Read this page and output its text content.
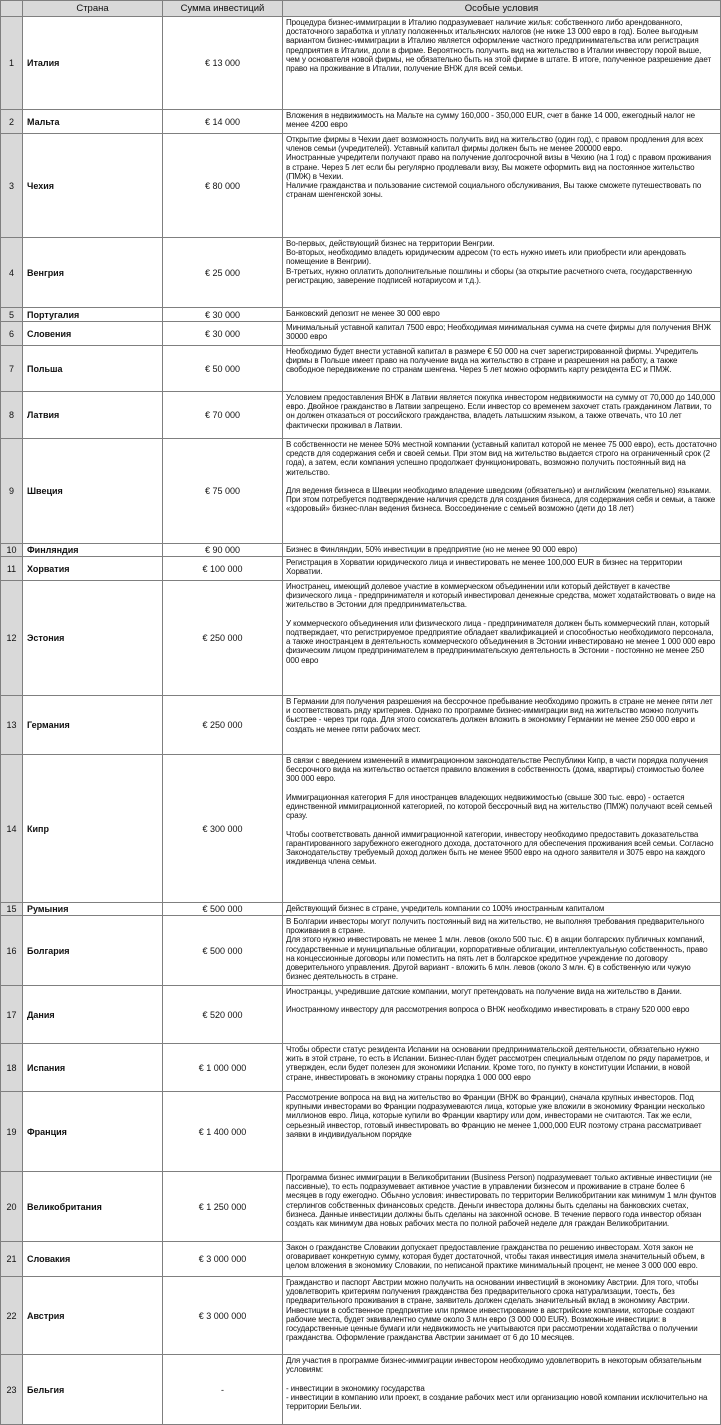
	Страна	Сумма инвестиций	Особые условия
1	Италия	€ 13 000	Процедура бизнес-иммиграции в Италию подразумевает наличие жилья: собственного либо арендованного, достаточного заработка и уплату положенных итальянских налогов (не ниже 13 000 евро в год). Более выгодным вариантом бизнес-иммиграции в Италию является оформление частного предпринимательства или регистрация предприятия в Италии, доли в фирме. Вероятность получить вид на жительство в Италии инвестору порой выше, чем у основателя новой фирмы, не обязательно быть на этой фирме в штате. В итоге, полученное разрешение дает право на проживание в Италии, получение ВНЖ для всей семьи.

2	Мальта	€ 14 000	Вложения в недвижимость на Мальте на сумму 160,000 - 350,000 EUR, счет в банке 14 000, ежегодный налог не менее 4200 евро

3	Чехия	€ 80 000	Открытие фирмы в Чехии дает возможность получить вид на жительство (один год), с правом продления для всех членов семьи (учредителей). Уставный капитал фирмы должен быть не менее 200000 евро.
Иностранные учредители получают право на получение долгосрочной визы в Чехию (на 1 год) с правом проживания в стране. Через 5 лет если бы регулярно продлевали визу, Вы можете оформить вид на постоянное жительство (ПМЖ) в Чехии.
Наличие гражданства и пользование системой социального обслуживания, Вы также сможете путешествовать по странам шенгенской зоны.

4	Венгрия	€ 25 000	Во-первых, действующий бизнес на территории Венгрии.
Во-вторых, необходимо владеть юридическим адресом (то есть нужно иметь или приобрести или арендовать помещение в Венгрии).
В-третьих, нужно оплатить дополнительные пошлины и сборы (за открытие расчетного счета, государственную регистрацию, заверение подписей нотариусом и т.д.).

5	Португалия	€ 30 000	Банковский депозит не менее 30 000 евро

6	Словения	€ 30 000	Минимальный уставной капитал 7500 евро; Необходимая минимальная сумма на счете фирмы для получения ВНЖ 30000 евро

7	Польша	€ 50 000	Необходимо будет внести уставной капитал в размере € 50 000 на счет зарегистрированной фирмы. Учредитель фирмы в Польше имеет право на получение вида на жительство в стране и разрешения на работу, а также свободное передвижение по странам шенгена. Через 5 лет можно оформить карту резидента ЕС и ПМЖ.

8	Латвия	€ 70 000	Условием предоставления ВНЖ в Латвии является покупка инвестором недвижимости на сумму от 70,000 до 140,000 евро. Двойное гражданство в Латвии запрещено. Если инвестор со временем захочет стать гражданином Латвии, то он должен отказаться от российского гражданства, владеть латышским языком, а также отвечать, что 10 лет фактически проживал в Латвии.

9	Швеция	€ 75 000	В собственности не менее 50% местной компании (уставный капитал которой не менее 75 000 евро), есть достаточно средств для содержания себя и своей семьи. При этом вид на жительство выдается строго на ограниченный срок (2 года), а затем, если компания успешно продолжает функционировать, возможно получить постоянный вид на жительство.

Для ведения бизнеса в Швеции необходимо владение шведским (обязательно) и английским (желательно) языками. При этом потребуется подтверждение наличия средств для создания бизнеса, для содержания себя и семьи, а также «здоровый» бизнес-план ведения бизнеса. Воссоединение с семьей возможно (дети до 18 лет)

10	Финляндия	€ 90 000	Бизнес в Финляндии, 50% инвестиции в предприятие (но не менее 90 000 евро)

11	Хорватия	€ 100 000	Регистрация в Хорватии юридического лица и инвестировать не менее 100,000 EUR в бизнес на территории Хорватии.

12	Эстония	€ 250 000	Иностранец, имеющий долевое участие в коммерческом объединении или который действует в качестве физического лица - предпринимателя и который инвестировал денежные средства, может ходатайствовать о виде на жительство в Эстонии для предпринимательства.

У коммерческого объединения или физического лица - предпринимателя должен быть коммерческий план, который подтверждает, что регистрируемое предприятие обладает квалификацией и способностью необходимого персонала, а также иностранцем в деятельность коммерческого объединения в Эстонии инвестировано не менее 1 000 000 евро физическим лицом предпринимателем в предпринимательскую деятельность в Эстонии - постоянно не менее 250 000 евро

13	Германия	€ 250 000	В Германии для получения разрешения на бессрочное пребывание необходимо прожить в стране не менее пяти лет и соответствовать ряду критериев. Однако по программе бизнес-иммиграции вид на жительство можно получить быстрее - через три года. Для этого соискатель должен вложить в экономику Германии не менее 250 000 евро и создать не менее пяти рабочих мест.

14	Кипр	€ 300 000	В связи с введением изменений в иммиграционном законодательстве Республики Кипр, в части порядка получения бессрочного вида на жительство остается правило вложения в собственность (дома, квартиры) стоимостью более 300 000 евро.

Иммиграционная категория F для иностранцев владеющих недвижимостью (свыше 300 тыс. евро) - остается единственной иммиграционной категорией, по которой бессрочный вид на жительство (ПМЖ) получают всей семьей сразу.

Чтобы соответствовать данной иммиграционной категории, инвестору необходимо предоставить доказательства гарантированного зарубежного ежегодного дохода, достаточного для обеспечения проживания всей семьи. Согласно Законодательству требуемый доход должен быть не менее 9500 евро на одного заявителя и 3075 евро на каждого иждивенца члена семьи.

15	Румыния	€ 500 000	Действующий бизнес в стране, учредитель компании со 100% иностранным капиталом

16	Болгария	€ 500 000	В Болгарии инвесторы могут получить постоянный вид на жительство, не выполняя требования предварительного проживания в стране.
Для этого нужно инвестировать не менее 1 млн. левов (около 500 тыс. €) в акции болгарских публичных компаний, государственные и муниципальные облигации, корпоративные облигации, интеллектуальную собственность, право на концессионные договоры или поместить на пять лет в болгарское кредитное учреждение по договору доверительного управления. Другой вариант - вложить 6 млн. левов (около 3 млн. €) в собственную или чужую бизнес деятельность в стране.

17	Дания	€ 520 000	Иностранцы, учредившие датские компании, могут претендовать на получение вида на жительство в Дании.

Иностранному инвестору для рассмотрения вопроса о ВНЖ необходимо инвестировать в страну 520 000 евро

18	Испания	€ 1 000 000	Чтобы обрести статус резидента Испании на основании предпринимательской деятельности, обязательно нужно жить в этой стране, то есть в Испании. Бизнес-план будет рассмотрен специальным отделом по ряду параметров, и утвержден, если будет полезен для экономики Испании. Кроме того, по пункту в конституции Испании, в новой стране, инвестировать в экономику страны порядка 1 000 000 евро

19	Франция	€ 1 400 000	Рассмотрение вопроса на вид на жительство во Франции (ВНЖ во Франции), сначала крупных инвесторов. Под крупными инвесторами во Франции подразумеваются лица, которые уже вложили в экономику Франции несколько миллионов евро. Лица, которые купили во Франции квартиру или дом, инвесторами не считаются. Так же если, серьезный инвестор, готовый инвестировать во Францию не менее 1,000,000 EUR поэтому страна рассматривает заявки в индивидуальном порядке

20	Великобритания	€ 1 250 000	Программа бизнес иммиграции в Великобритании (Business Person) подразумевает только активные инвестиции (не пассивные), то есть подразумевает активное участие в управлении бизнесом и проживание в стране более 6 месяцев в году ежегодно. Обычно условия: инвестировать по территории Великобритании как минимум 1 млн фунтов стерлингов собственных финансовых средств. Деньги инвестора должны быть сделаны на банковских счетах, бизнеса. Данные инвестиции должны быть сделаны на законной основе. В течение первого года инвестор обязан создать как минимум два новых рабочих места по полной рабочей неделе для граждан Великобритании.

21	Словакия	€ 3 000 000	Закон о гражданстве Словакии допускает предоставление гражданства по решению инвесторам. Хотя закон не оговаривает конкретную сумму, которая будет достаточной, чтобы такая инвестиция имела значительный объем, в целом вложения в экономику Словакии, по неписаной практике минимальный процент, не менее 3 000 000 евро.

22	Австрия	€ 3 000 000	Гражданство и паспорт Австрии можно получить на основании инвестиций в экономику Австрии. Для того, чтобы удовлетворить критериям получения гражданства без предварительного срока натурализации, тоесть, без предварительного проживания в стране, заявитель должен сделать значительный вклад в экономику Австрии. Инвестиции в собственное предприятие или прямое инвестирование в австрийские компании, которые создают рабочие места, будет эквивалентно сумме около 3 млн евро (3 000 000 EUR). Возможные инвестиции: в государственные ценные бумаги или недвижимость не учитываются при рассмотрении ходатайства о получении гражданства. Оформление гражданства Австрии занимает от 6 до 10 месяцев.

23	Бельгия	-	Для участия в программе бизнес-иммиграции инвестором необходимо удовлетворить в некоторым обязательным условиям:

- инвестиции в экономику государства
- инвестиции в компанию или проект, в создание рабочих мест или организацию новой компании исключительно на территории Бельгии.
